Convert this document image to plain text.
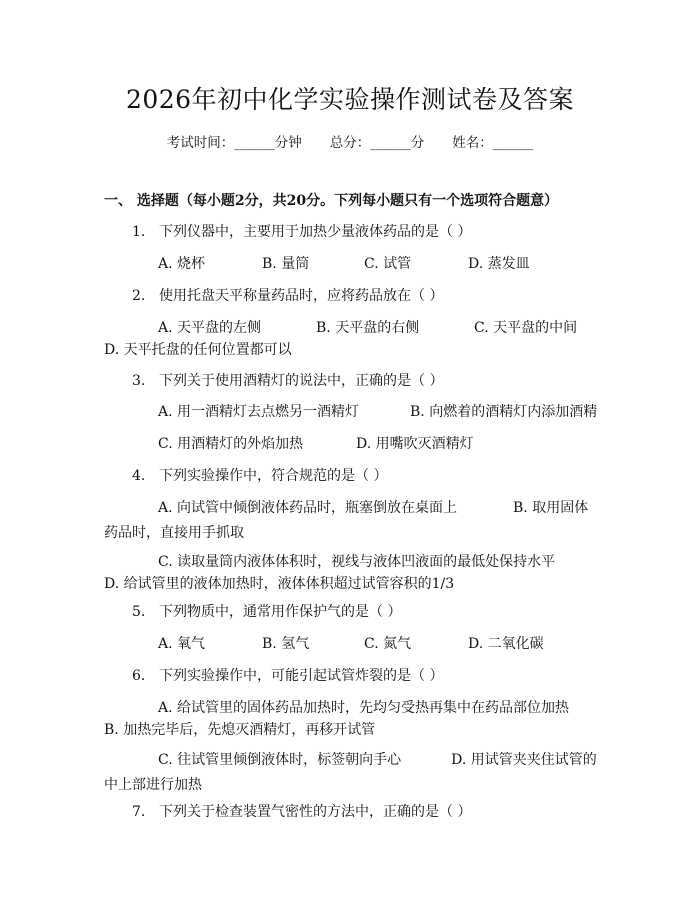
2026年初中化学实验操作测试卷及答案
考试时间：______分钟 总分：______分 姓名：______
一、 选择题（每小题2分，共20分。下列每小题只有一个选项符合题意）
1. 下列仪器中，主要用于加热少量液体药品的是（ ）
A. 烧杯	B. 量筒	C. 试管	D. 蒸发皿
2. 使用托盘天平称量药品时，应将药品放在（ ）
A. 天平盘的左侧	B. 天平盘的右侧	C. 天平盘的中间
D. 天平托盘的任何位置都可以
3. 下列关于使用酒精灯的说法中，正确的是（ ）
A. 用一酒精灯去点燃另一酒精灯	B. 向燃着的酒精灯内添加酒精
C. 用酒精灯的外焰加热	D. 用嘴吹灭酒精灯
4. 下列实验操作中，符合规范的是（ ）
A. 向试管中倾倒液体药品时，瓶塞倒放在桌面上	B. 取用固体药品时，直接用手抓取
C. 读取量筒内液体体积时，视线与液体凹液面的最低处保持水平
D. 给试管里的液体加热时，液体体积超过试管容积的1/3
5. 下列物质中，通常用作保护气的是（ ）
A. 氧气	B. 氢气	C. 氮气	D. 二氧化碳
6. 下列实验操作中，可能引起试管炸裂的是（ ）
A. 给试管里的固体药品加热时，先均匀受热再集中在药品部位加热
B. 加热完毕后，先熄灭酒精灯，再移开试管
C. 往试管里倾倒液体时，标签朝向手心	D. 用试管夹夹住试管的中上部进行加热
7. 下列关于检查装置气密性的方法中，正确的是（ ）
